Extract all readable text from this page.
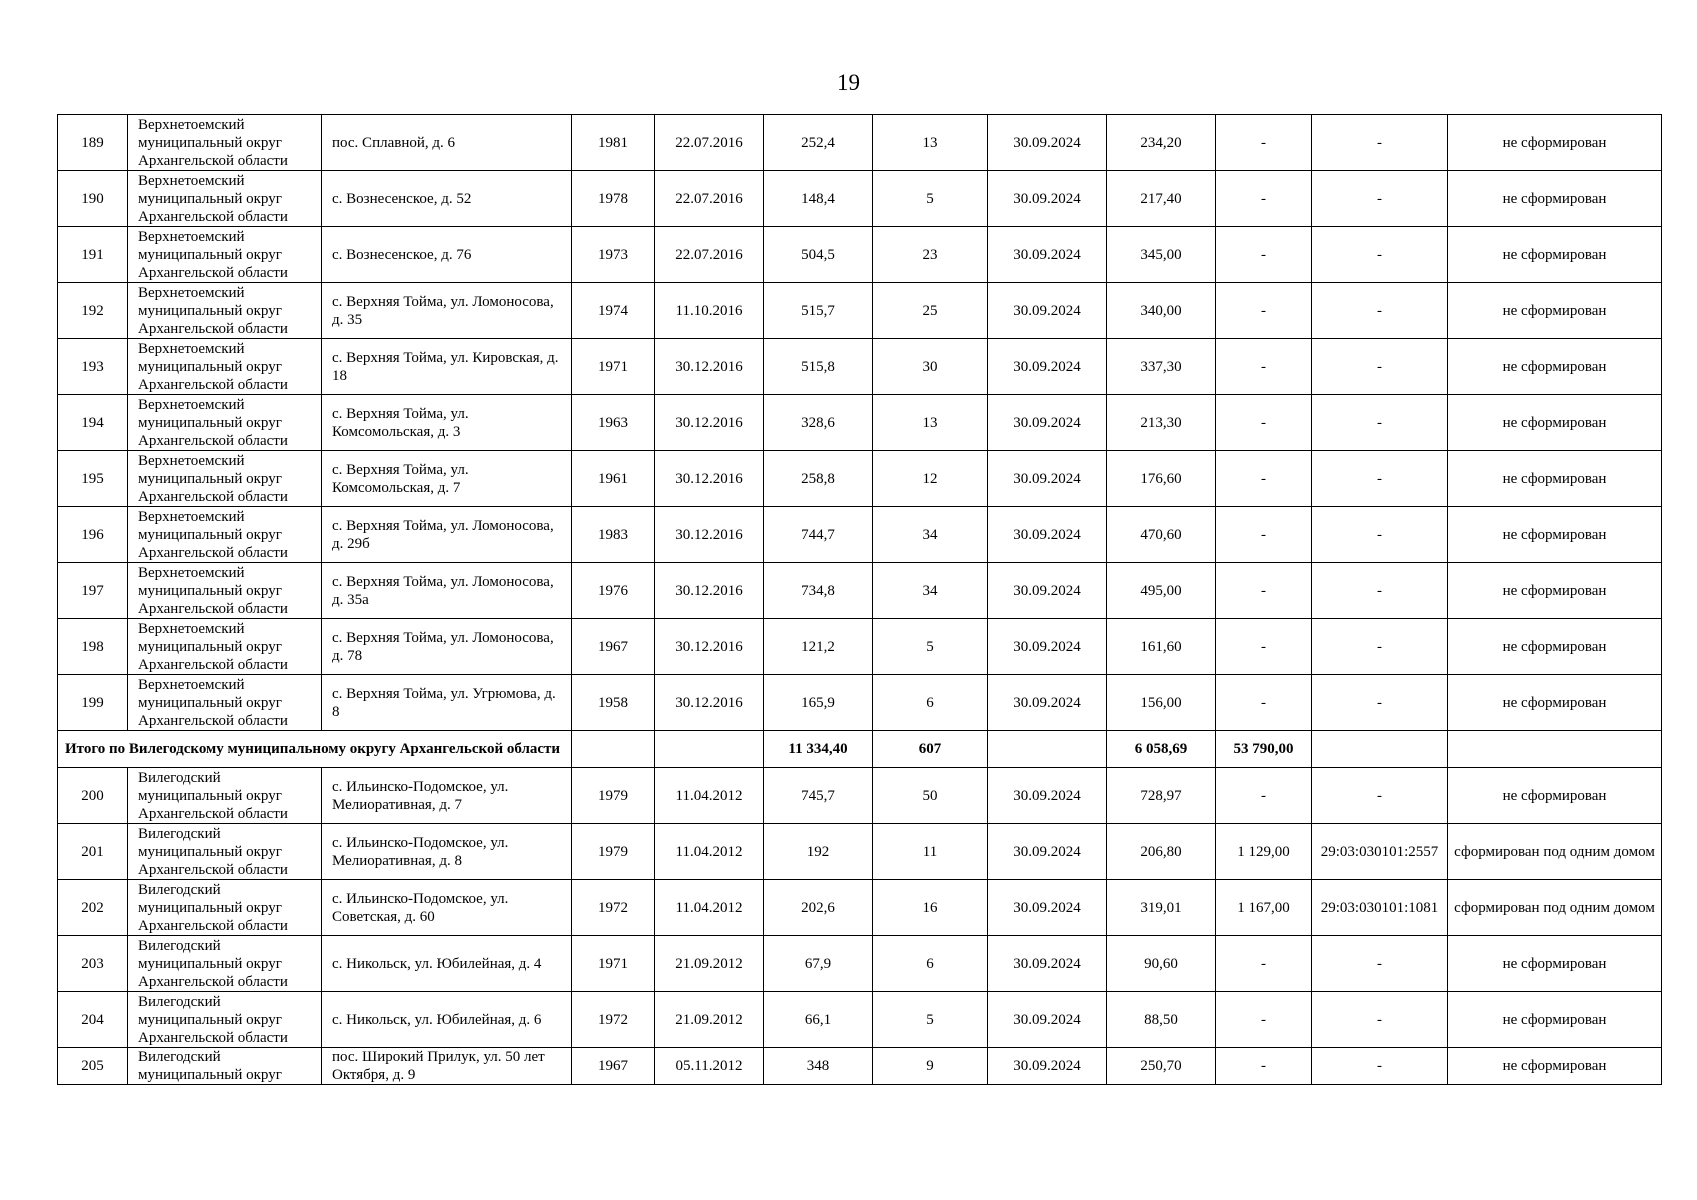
19
189	Верхнетоемский муниципальный округ Архангельской области	пос. Сплавной, д. 6	1981	22.07.2016	252,4	13	30.09.2024	234,20	-	-	не сформирован
190	Верхнетоемский муниципальный округ Архангельской области	с. Вознесенское, д. 52	1978	22.07.2016	148,4	5	30.09.2024	217,40	-	-	не сформирован
191	Верхнетоемский муниципальный округ Архангельской области	с. Вознесенское, д. 76	1973	22.07.2016	504,5	23	30.09.2024	345,00	-	-	не сформирован
192	Верхнетоемский муниципальный округ Архангельской области	с. Верхняя Тойма, ул. Ломоносова, д. 35	1974	11.10.2016	515,7	25	30.09.2024	340,00	-	-	не сформирован
193	Верхнетоемский муниципальный округ Архангельской области	с. Верхняя Тойма, ул. Кировская, д. 18	1971	30.12.2016	515,8	30	30.09.2024	337,30	-	-	не сформирован
194	Верхнетоемский муниципальный округ Архангельской области	с. Верхняя Тойма, ул. Комсомольская, д. 3	1963	30.12.2016	328,6	13	30.09.2024	213,30	-	-	не сформирован
195	Верхнетоемский муниципальный округ Архангельской области	с. Верхняя Тойма, ул. Комсомольская, д. 7	1961	30.12.2016	258,8	12	30.09.2024	176,60	-	-	не сформирован
196	Верхнетоемский муниципальный округ Архангельской области	с. Верхняя Тойма, ул. Ломоносова, д. 29б	1983	30.12.2016	744,7	34	30.09.2024	470,60	-	-	не сформирован
197	Верхнетоемский муниципальный округ Архангельской области	с. Верхняя Тойма, ул. Ломоносова, д. 35а	1976	30.12.2016	734,8	34	30.09.2024	495,00	-	-	не сформирован
198	Верхнетоемский муниципальный округ Архангельской области	с. Верхняя Тойма, ул. Ломоносова, д. 78	1967	30.12.2016	121,2	5	30.09.2024	161,60	-	-	не сформирован
199	Верхнетоемский муниципальный округ Архангельской области	с. Верхняя Тойма, ул. Угрюмова, д. 8	1958	30.12.2016	165,9	6	30.09.2024	156,00	-	-	не сформирован
Итого по Вилегодскому муниципальному округу Архангельской области					11 334,40	607		6 058,69	53 790,00		
200	Вилегодский муниципальный округ Архангельской области	с. Ильинско-Подомское, ул. Мелиоративная, д. 7	1979	11.04.2012	745,7	50	30.09.2024	728,97	-	-	не сформирован
201	Вилегодский муниципальный округ Архангельской области	с. Ильинско-Подомское, ул. Мелиоративная, д. 8	1979	11.04.2012	192	11	30.09.2024	206,80	1 129,00	29:03:030101:2557	сформирован под одним домом
202	Вилегодский муниципальный округ Архангельской области	с. Ильинско-Подомское, ул. Советская, д. 60	1972	11.04.2012	202,6	16	30.09.2024	319,01	1 167,00	29:03:030101:1081	сформирован под одним домом
203	Вилегодский муниципальный округ Архангельской области	с. Никольск, ул. Юбилейная, д. 4	1971	21.09.2012	67,9	6	30.09.2024	90,60	-	-	не сформирован
204	Вилегодский муниципальный округ Архангельской области	с. Никольск, ул. Юбилейная, д. 6	1972	21.09.2012	66,1	5	30.09.2024	88,50	-	-	не сформирован
205	Вилегодский муниципальный округ	пос. Широкий Прилук, ул. 50 лет Октября, д. 9	1967	05.11.2012	348	9	30.09.2024	250,70	-	-	не сформирован
